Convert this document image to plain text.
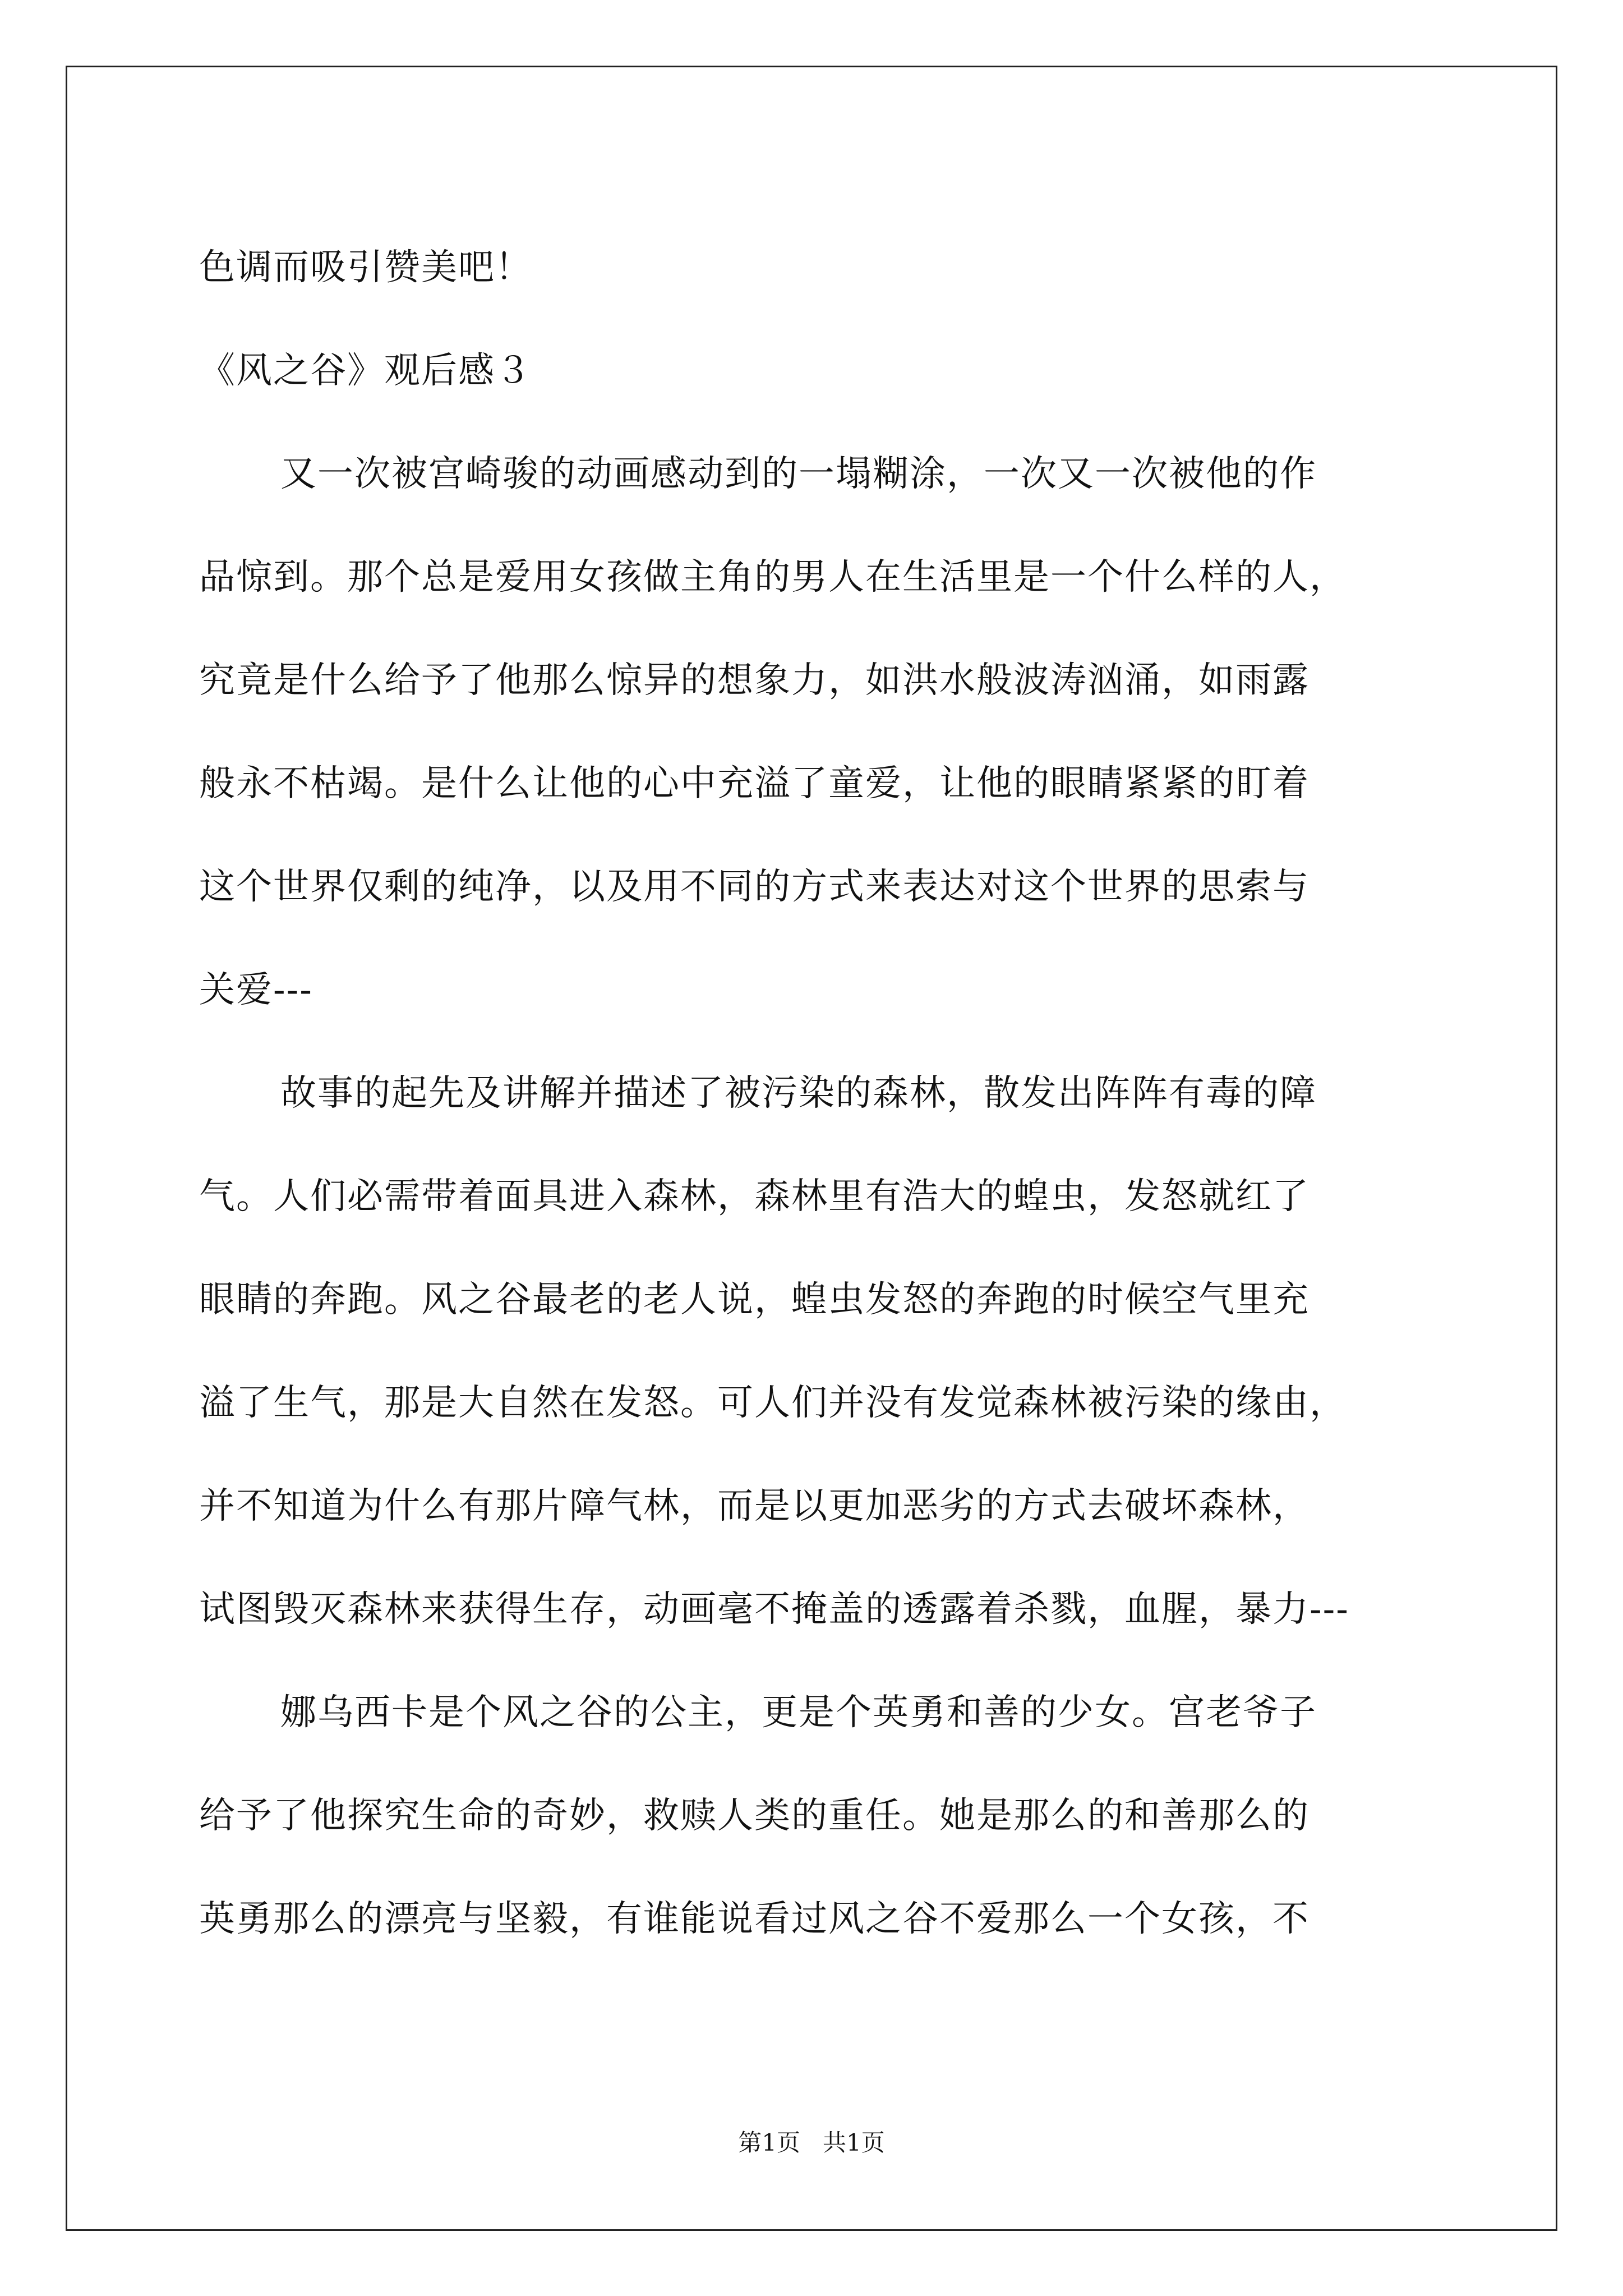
色调而吸引赞美吧！
《风之谷》观后感３
又一次被宫崎骏的动画感动到的一塌糊涂，一次又一次被他的作
品惊到。那个总是爱用女孩做主角的男人在生活里是一个什么样的人，
究竟是什么给予了他那么惊异的想象力，如洪水般波涛汹涌，如雨露
般永不枯竭。是什么让他的心中充溢了童爱，让他的眼睛紧紧的盯着
这个世界仅剩的纯净，以及用不同的方式来表达对这个世界的思索与
关爱---
故事的起先及讲解并描述了被污染的森林，散发出阵阵有毒的障
气。人们必需带着面具进入森林，森林里有浩大的蝗虫，发怒就红了
眼睛的奔跑。风之谷最老的老人说，蝗虫发怒的奔跑的时候空气里充
溢了生气，那是大自然在发怒。可人们并没有发觉森林被污染的缘由，
并不知道为什么有那片障气林，而是以更加恶劣的方式去破坏森林，
试图毁灭森林来获得生存，动画毫不掩盖的透露着杀戮，血腥，暴力---
娜乌西卡是个风之谷的公主，更是个英勇和善的少女。宫老爷子
给予了他探究生命的奇妙，救赎人类的重任。她是那么的和善那么的
英勇那么的漂亮与坚毅，有谁能说看过风之谷不爱那么一个女孩，不
第1页 共1页
